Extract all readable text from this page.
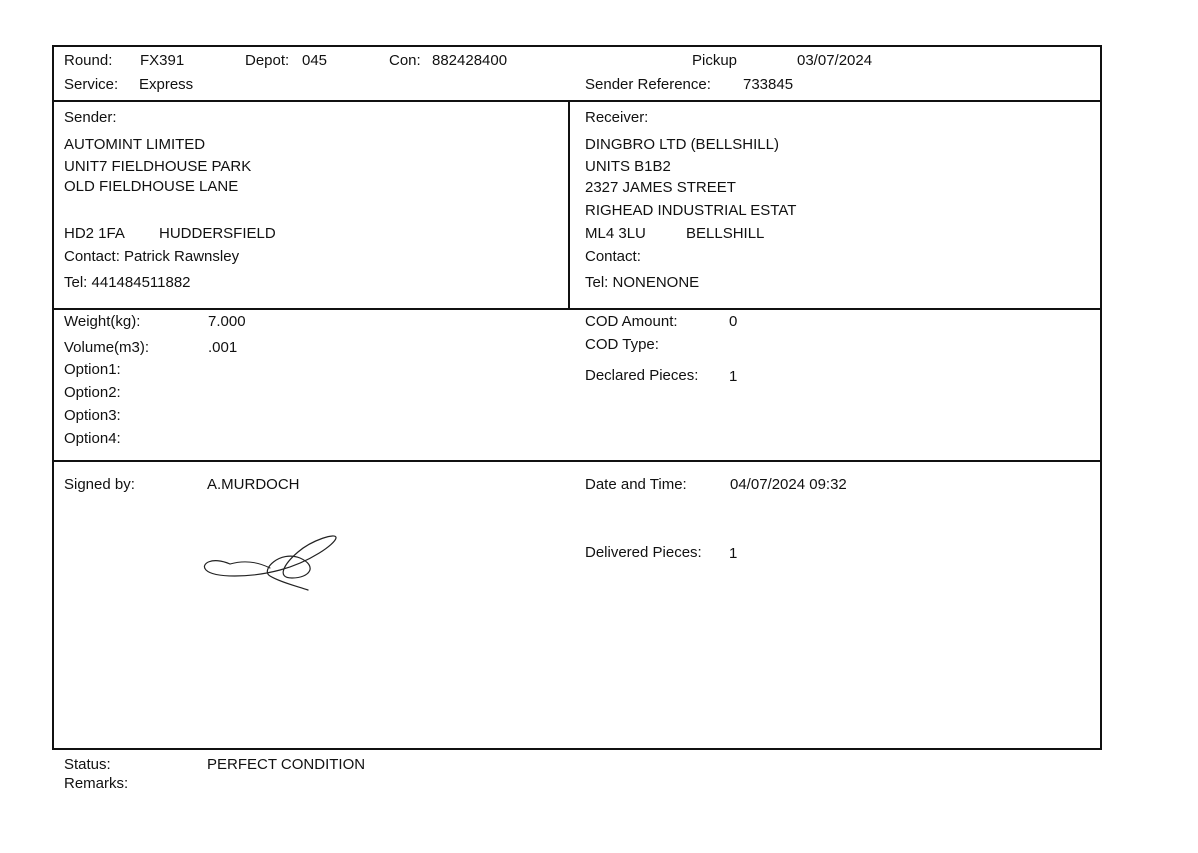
Round: FX391	Depot: 045	Con: 882428400	Pickup	03/07/2024
Service: Express	Sender Reference: 733845
Sender:
AUTOMINT LIMITED
UNIT7 FIELDHOUSE PARK
OLD FIELDHOUSE LANE
HD2 1FA HUDDERSFIELD
Contact: Patrick Rawnsley
Tel: 441484511882
Receiver:
DINGBRO LTD (BELLSHILL)
UNITS B1B2
2327 JAMES STREET
RIGHEAD INDUSTRIAL ESTAT
ML4 3LU	BELLSHILL
Contact:
Tel: NONENONE
Weight(kg):	7.000
Volume(m3):	.001
Option1:
Option2:
Option3:
Option4:
COD Amount:	0
COD Type:
Declared Pieces: 1
Signed by:	A.MURDOCH	Date and Time:	04/07/2024 09:32
Delivered Pieces: 1
Status:	PERFECT CONDITION
Remarks:
